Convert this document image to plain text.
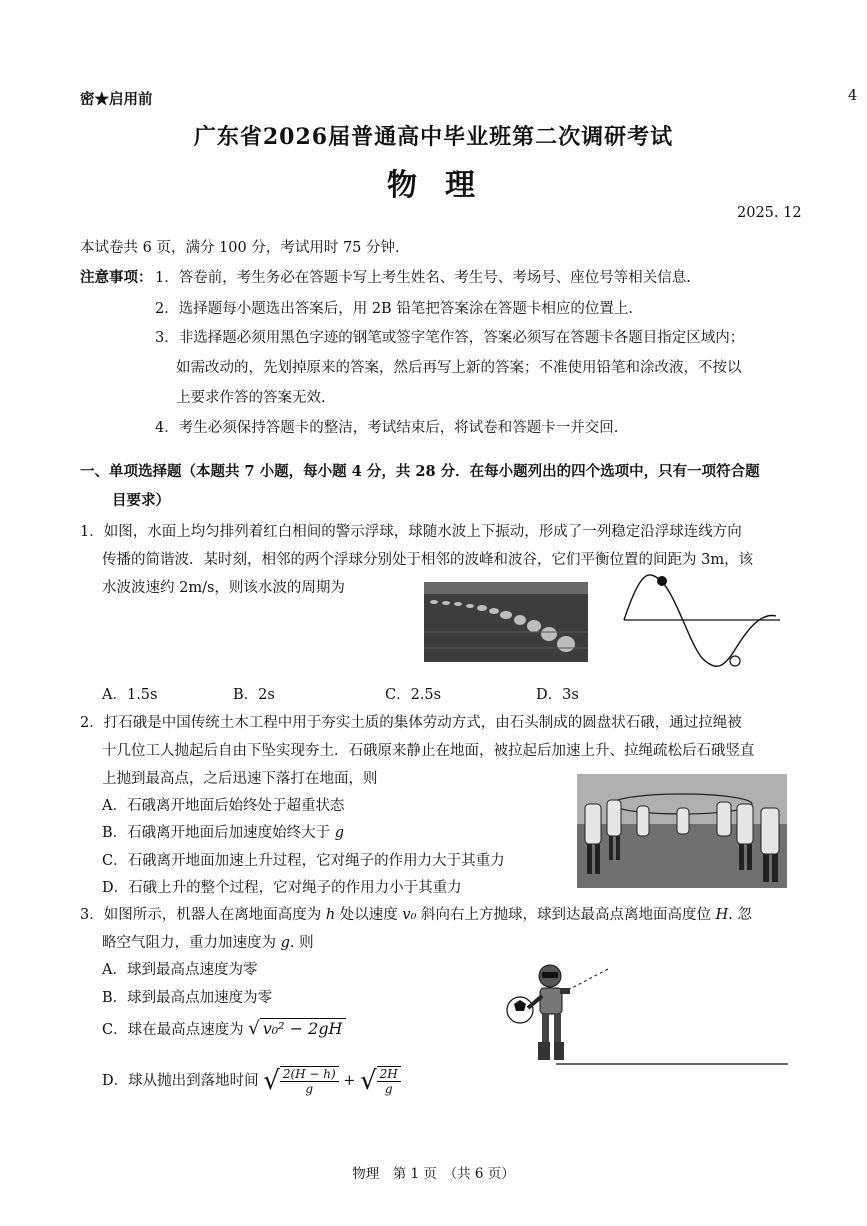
密★启用前	4
广东省2026届普通高中毕业班第二次调研考试
物理
2025. 12
本试卷共 6 页，满分 100 分，考试用时 75 分钟.
注意事项： 1．答卷前，考生务必在答题卡写上考生姓名、考生号、考场号、座位号等相关信息.
2．选择题每小题选出答案后，用 2B 铅笔把答案涂在答题卡相应的位置上.
3．非选择题必须用黑色字迹的钢笔或签字笔作答，答案必须写在答题卡各题目指定区域内；
如需改动的，先划掉原来的答案，然后再写上新的答案；不准使用铅笔和涂改液，不按以
上要求作答的答案无效.
4．考生必须保持答题卡的整洁，考试结束后，将试卷和答题卡一并交回.
一、单项选择题（本题共 7 小题，每小题 4 分，共 28 分．在每小题列出的四个选项中，只有一项符合题
目要求）
1．如图，水面上均匀排列着红白相间的警示浮球，球随水波上下振动，形成了一列稳定沿浮球连线方向
传播的简谐波．某时刻，相邻的两个浮球分别处于相邻的波峰和波谷，它们平衡位置的间距为 3m，该
水波波速约 2m/s，则该水波的周期为
A．1.5s	B．2s	C．2.5s	D．3s
2．打石硪是中国传统土木工程中用于夯实土质的集体劳动方式，由石头制成的圆盘状石硪，通过拉绳被
十几位工人抛起后自由下坠实现夯土．石硪原来静止在地面，被拉起后加速上升、拉绳疏松后石硪竖直
上抛到最高点，之后迅速下落打在地面，则
A．石硪离开地面后始终处于超重状态
B．石硪离开地面后加速度始终大于 g
C．石硪离开地面加速上升过程，它对绳子的作用力大于其重力
D．石硪上升的整个过程，它对绳子的作用力小于其重力
3．如图所示，机器人在离地面高度为 h 处以速度 v₀ 斜向右上方抛球，球到达最高点离地面高度位 H. 忽
略空气阻力，重力加速度为 g. 则
A．球到最高点速度为零
B．球到最高点加速度为零
C．球在最高点速度为 √ v₀² − 2gH
D．球从抛出到落地时间 √ $\frac{2(H - h)}{g}$ + √ $\frac{2H}{g}$
物理　第 1 页　（共 6 页）
